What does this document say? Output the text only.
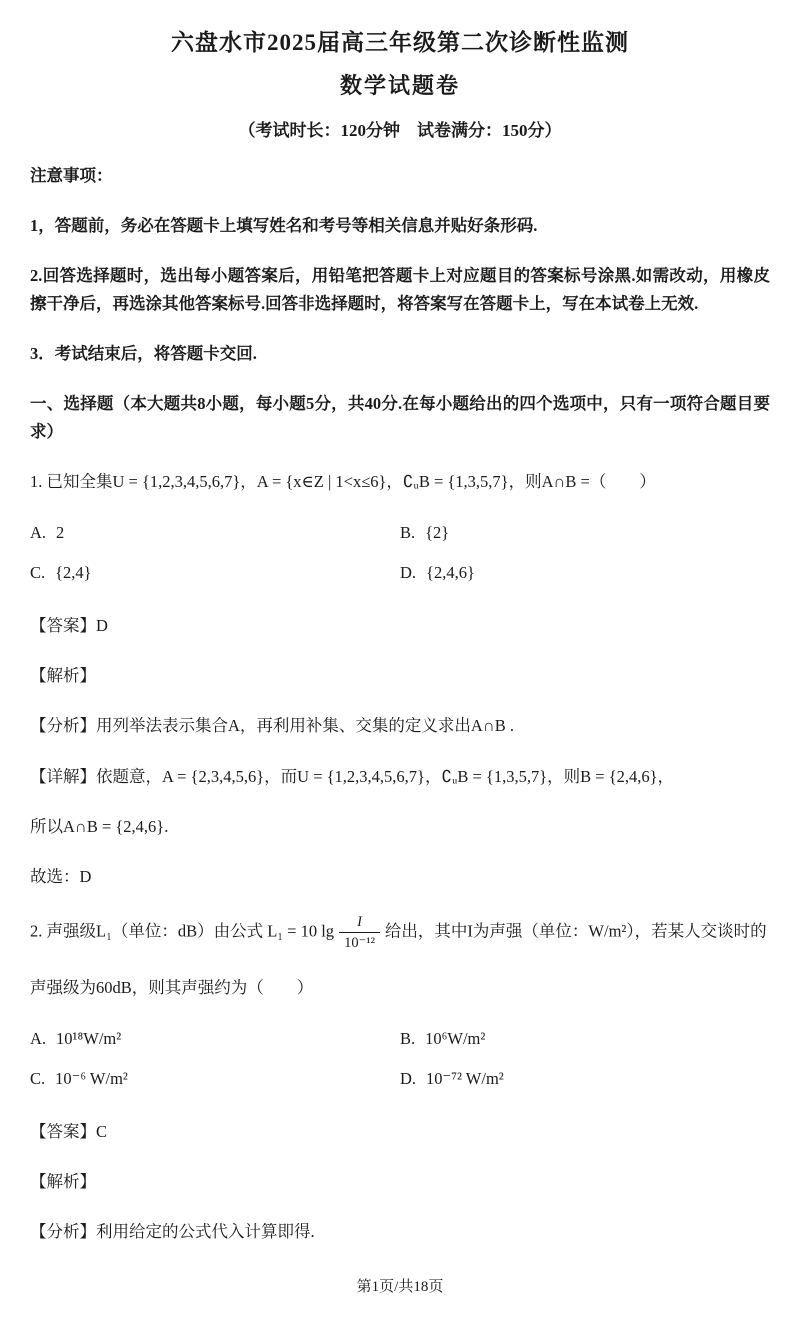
六盘水市2025届高三年级第二次诊断性监测
数学试题卷
（考试时长：120分钟　试卷满分：150分）

注意事项：

1，答题前，务必在答题卡上填写姓名和考号等相关信息并贴好条形码.

2.回答选择题时，选出每小题答案后，用铅笔把答题卡上对应题目的答案标号涂黑.如需改动，用橡皮擦干净后，再选涂其他答案标号.回答非选择题时，将答案写在答题卡上，写在本试卷上无效.

3．考试结束后，将答题卡交回.

一、选择题（本大题共8小题，每小题5分，共40分.在每小题给出的四个选项中，只有一项符合题目要求）

1. 已知全集U = {1,2,3,4,5,6,7}，A = {x∈Z | 1<x≤6}，∁ᵤB = {1,3,5,7}，则A∩B =（　　）

A. 2	B. {2}
C. {2,4}	D. {2,4,6}

【答案】D

【解析】

【分析】用列举法表示集合A，再利用补集、交集的定义求出A∩B .

【详解】依题意，A = {2,3,4,5,6}，而U = {1,2,3,4,5,6,7}，∁ᵤB = {1,3,5,7}，则B = {2,4,6}，

所以A∩B = {2,4,6}.

故选：D

2. 声强级L₁（单位：dB）由公式 L₁ = 10 $\lg \frac{I}{\text{10⁻¹²}}$ 给出，其中I为声强（单位：W/m²），若某人交谈时的

声强级为60dB，则其声强约为（　　）

A. 10¹⁸W/m²	B. 10⁶W/m²
C. 10⁻⁶ W/m²	D. 10⁻⁷² W/m²

【答案】C

【解析】

【分析】利用给定的公式代入计算即得.

第1页/共18页
